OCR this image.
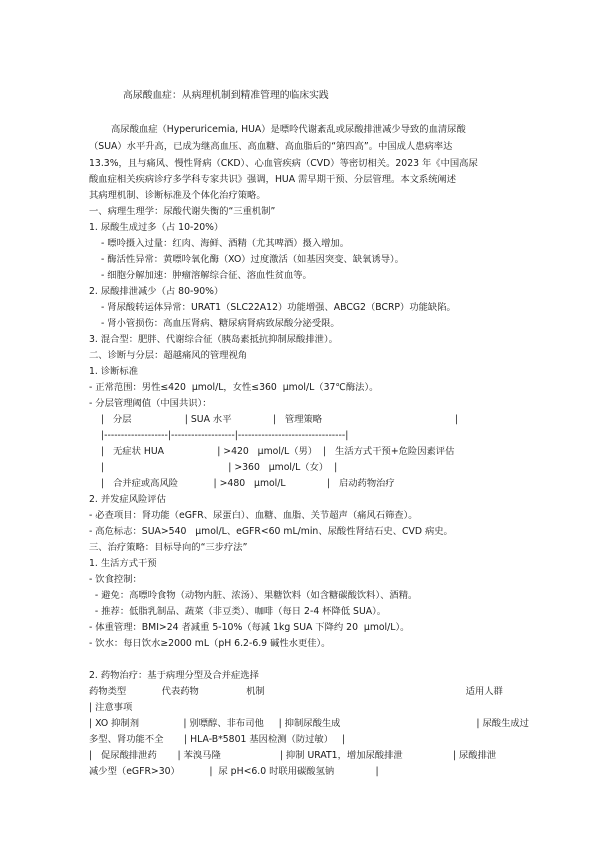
高尿酸血症：从病理机制到精准管理的临床实践
高尿酸血症（Hyperuricemia, HUA）是嘌呤代谢紊乱或尿酸排泄减少导致的血清尿酸
（SUA）水平升高，已成为继高血压、高血糖、高血脂后的“第四高”。中国成人患病率达
13.3%，且与痛风、慢性肾病（CKD）、心血管疾病（CVD）等密切相关。2023 年《中国高尿
酸血症相关疾病诊疗多学科专家共识》强调，HUA 需早期干预、分层管理。本文系统阐述
其病理机制、诊断标准及个体化治疗策略。
一、病理生理学：尿酸代谢失衡的“三重机制”
1. 尿酸生成过多（占 10-20%）
- 嘌呤摄入过量：红肉、海鲜、酒精（尤其啤酒）摄入增加。
- 酶活性异常：黄嘌呤氧化酶（XO）过度激活（如基因突变、缺氧诱导）。
- 细胞分解加速：肿瘤溶解综合征、溶血性贫血等。
2. 尿酸排泄减少（占 80-90%）
- 肾尿酸转运体异常：URAT1（SLC22A12）功能增强、ABCG2（BCRP）功能缺陷。
- 肾小管损伤：高血压肾病、糖尿病肾病致尿酸分泌受限。
3. 混合型：肥胖、代谢综合征（胰岛素抵抗抑制尿酸排泄）。
二、诊断与分层：超越痛风的管理视角
1. 诊断标准
- 正常范围：男性≤420  μmol/L，女性≤360  μmol/L（37℃酶法）。
- 分层管理阈值（中国共识）：
|   分层                  | SUA 水平              |   管理策略                                             |
|-------------------|-------------------|--------------------------------|
|   无症状 HUA                  | >420   μmol/L（男）  |   生活方式干预+危险因素评估
|                                          | >360   μmol/L（女）  |
|   合并症或高风险            | >480   μmol/L              |   启动药物治疗
2. 并发症风险评估
- 必查项目：肾功能（eGFR、尿蛋白）、血糖、血脂、关节超声（痛风石筛查）。
- 高危标志：SUA>540   μmol/L、eGFR<60 mL/min、尿酸性肾结石史、CVD 病史。
三、治疗策略：目标导向的“三步疗法”
1. 生活方式干预
- 饮食控制：
- 避免：高嘌呤食物（动物内脏、浓汤）、果糖饮料（如含糖碳酸饮料）、酒精。
- 推荐：低脂乳制品、蔬菜（非豆类）、咖啡（每日 2-4 杯降低 SUA）。
- 体重管理：BMI>24 者减重 5-10%（每减 1kg SUA 下降约 20  μmol/L）。
- 饮水：每日饮水≥2000 mL（pH 6.2-6.9 碱性水更佳）。
2. 药物治疗：基于病理分型及合并症选择
药物类型            代表药物                机制                                                                    适用人群
| 注意事项
| XO 抑制剂               | 别嘌醇、非布司他     | 抑制尿酸生成                                              | 尿酸生成过
多型、肾功能不全       | HLA-B*5801 基因检测（防过敏）   |
|   促尿酸排泄药       | 苯溴马隆                    | 抑制 URAT1，增加尿酸排泄                 | 尿酸排泄
减少型（eGFR>30）          |  尿 pH<6.0 时联用碳酸氢钠              |
